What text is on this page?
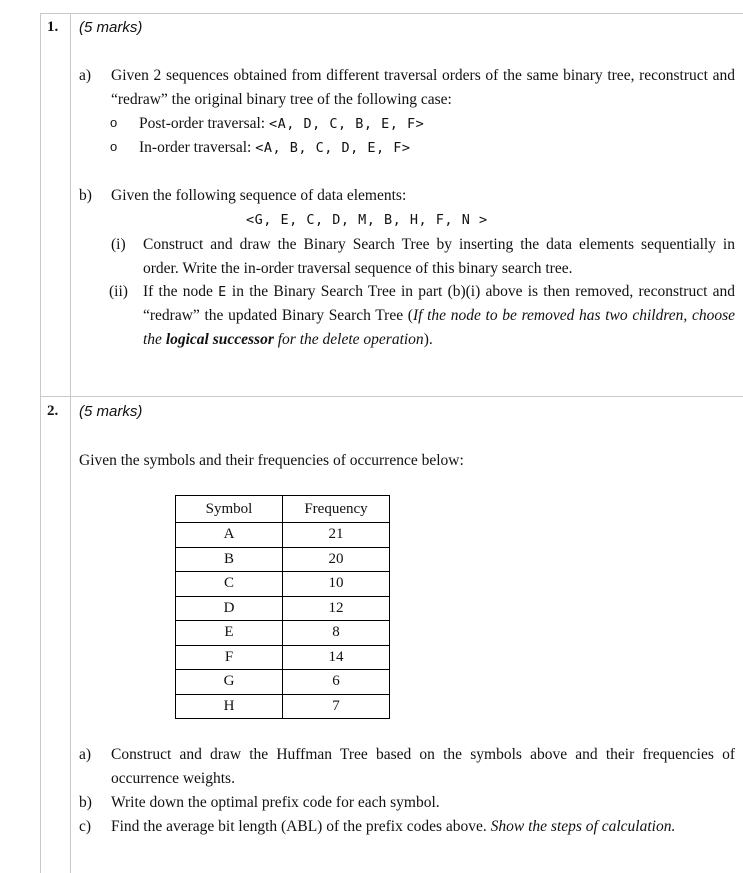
1. (5 marks)
a) Given 2 sequences obtained from different traversal orders of the same binary tree, reconstruct and
“redraw” the original binary tree of the following case:
o Post-order traversal: <A, D, C, B, E, F>
o In-order traversal: <A, B, C, D, E, F>
b) Given the following sequence of data elements:
<G, E, C, D, M, B, H, F, N >
(i) Construct and draw the Binary Search Tree by inserting the data elements sequentially in
order. Write the in-order traversal sequence of this binary search tree.
(ii) If the node E in the Binary Search Tree in part (b)(i) above is then removed, reconstruct and
“redraw” the updated Binary Search Tree (If the node to be removed has two children, choose
the logical successor for the delete operation).
2. (5 marks)
Given the symbols and their frequencies of occurrence below:
Symbol	Frequency
A	21
B	20
C	10
D	12
E	8
F	14
G	6
H	7
a) Construct and draw the Huffman Tree based on the symbols above and their frequencies of
occurrence weights.
b) Write down the optimal prefix code for each symbol.
c) Find the average bit length (ABL) of the prefix codes above. Show the steps of calculation.
